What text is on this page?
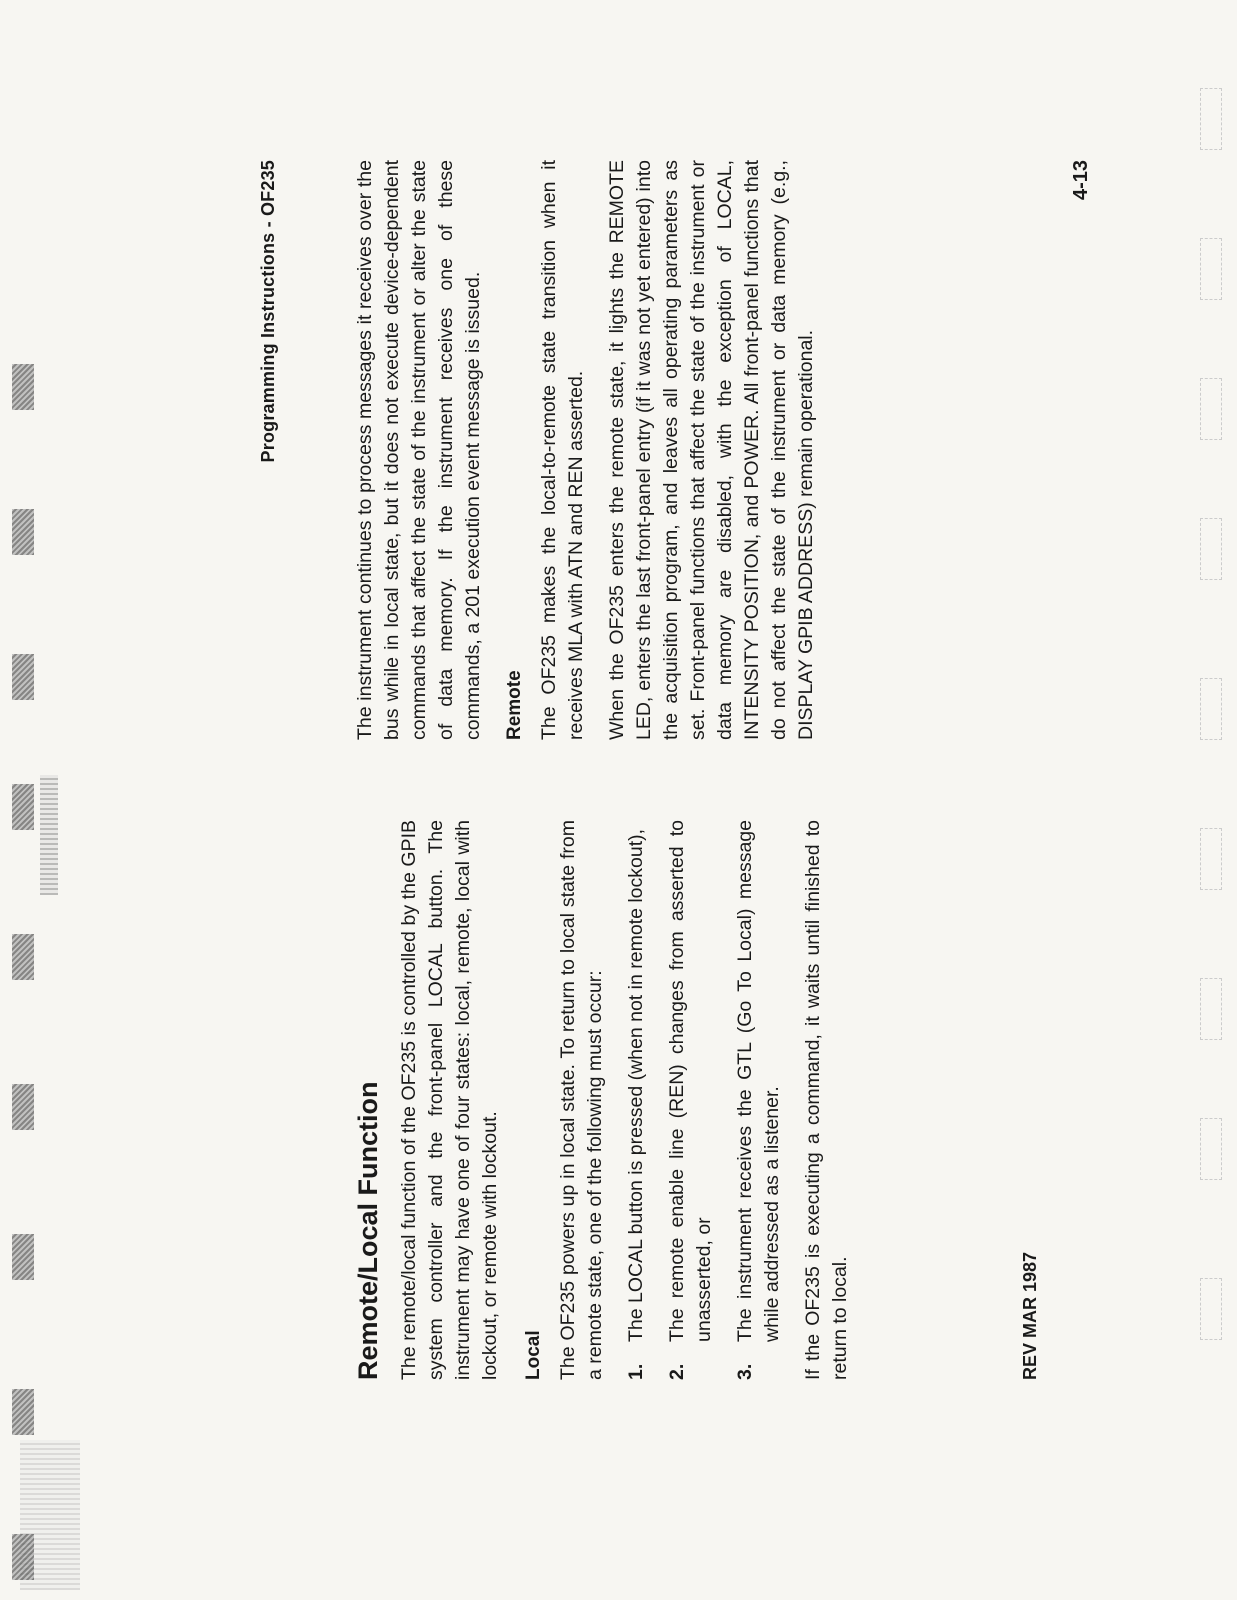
Programming Instructions - OF235
Remote/Local Function The remote/local function of the OF235 is controlled by the GPIB system controller and the front-panel LOCAL button. The instrument may have one of four states: local, remote, local with lockout, or remote with lockout. Local The OF235 powers up in local state. To return to local state from a remote state, one of the following must occur: 1.
The LOCAL button is pressed (when not in remote lockout),
2.
The remote enable line (REN) changes from asserted to unasserted, or
3.
The instrument receives the GTL (Go To Local) message while addressed as a listener. If the OF235 is executing a command, it waits until finished to return to local.

The instrument continues to process messages it receives over the bus while in local state, but it does not execute device-dependent commands that affect the state of the instrument or alter the state of data memory. If the instrument receives one of these commands, a 201 execution event message is issued. Remote The OF235 makes the local-to-remote state transition when it receives MLA with ATN and REN asserted. When the OF235 enters the remote state, it lights the REMOTE LED, enters the last front-panel entry (if it was not yet entered) into the acquisition program, and leaves all operating parameters as set. Front-panel functions that affect the state of the instrument or data memory are disabled, with the exception of LOCAL, INTENSITY POSITION, and POWER. All front-panel functions that do not affect the state of the instrument or data memory (e.g., DISPLAY GPIB ADDRESS) remain operational.

REV MAR 1987
4-13
